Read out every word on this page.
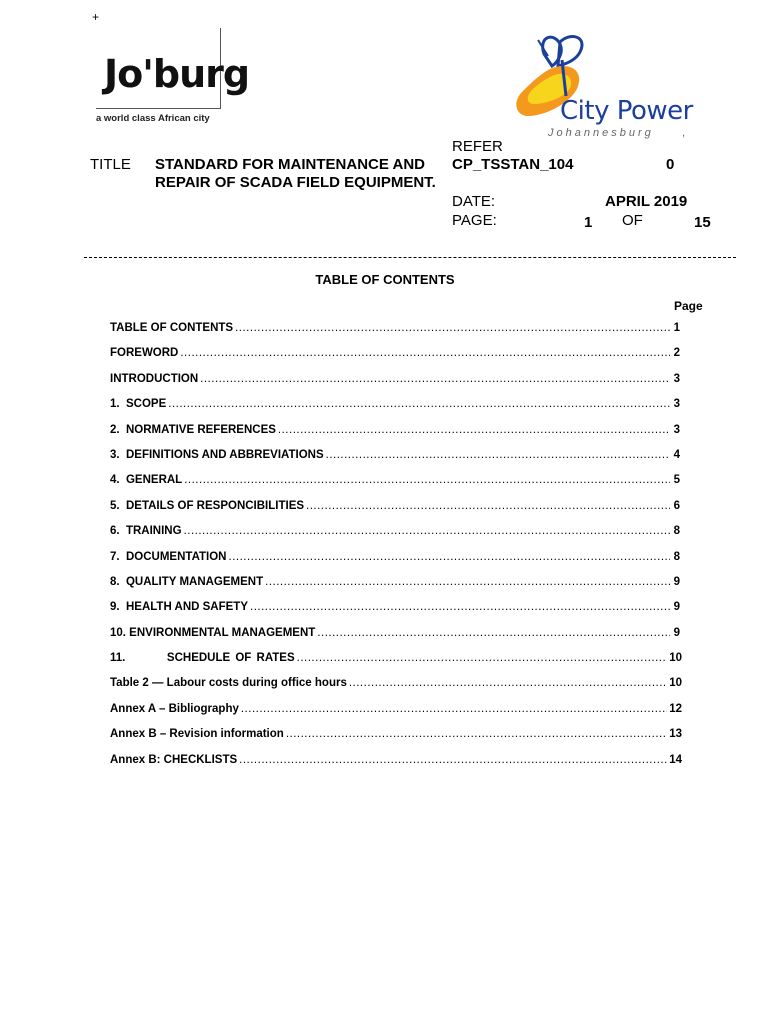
+
Jo'burg
a world class African city	City Power
Johannesburg	,
TITLE STANDARD FOR MAINTENANCE AND REPAIR OF SCADA FIELD EQUIPMENT.
REFER
CP_TSSTAN_104	0
DATE:	APRIL 2019
PAGE:	1 OF	15
TABLE OF CONTENTS
Page
TABLE OF CONTENTS .....	1
FOREWORD .....	2
INTRODUCTION .....	3
1.  SCOPE .....	3
2.  NORMATIVE REFERENCES .....	3
3.  DEFINITIONS AND ABBREVIATIONS .....	4
4.  GENERAL .....	5
5.  DETAILS OF RESPONCIBILITIES .....	6
6.  TRAINING .....	8
7.  DOCUMENTATION .....	8
8.  QUALITY MANAGEMENT .....	9
9.  HEALTH AND SAFETY .....	9
10. ENVIRONMENTAL MANAGEMENT .....	9
11.        SCHEDULE OF RATES .....	10
Table 2 — Labour costs during office hours .....	10
Annex A – Bibliography .....	12
Annex B – Revision information .....	13
Annex B: CHECKLISTS .....	14
